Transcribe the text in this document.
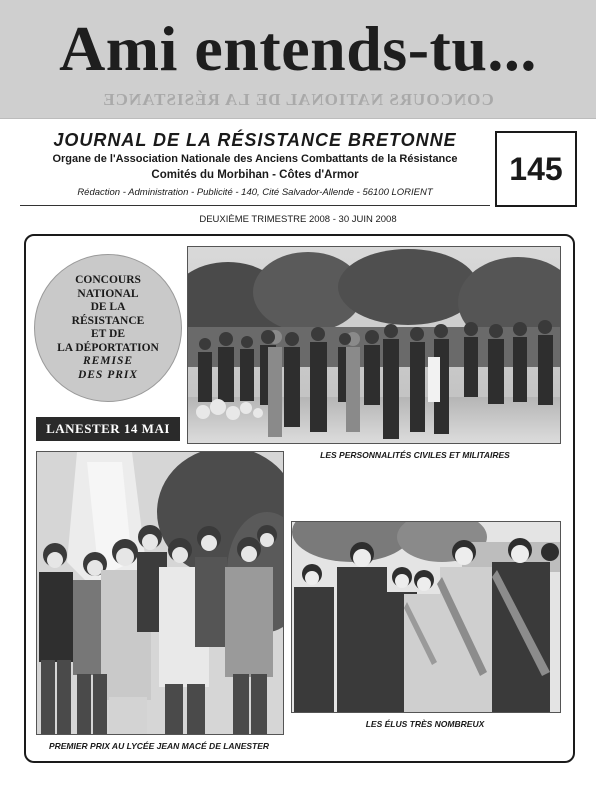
Ami entends-tu...
CONCOURS NATIONAL DE LA RÉSISTANCE
JOURNAL DE LA RÉSISTANCE BRETONNE
Organe de l'Association Nationale des Anciens Combattants de la Résistance
Comités du Morbihan - Côtes d'Armor
Rédaction - Administration - Publicité - 140, Cité Salvador-Allende - 56100 LORIENT
145
DEUXIÈME TRIMESTRE 2008 - 30 JUIN 2008
CONCOURS
NATIONAL
DE LA
RÉSISTANCE
ET DE
LA DÉPORTATION
REMISE
DES PRIX
LANESTER 14 MAI
LES PERSONNALITÉS CIVILES ET MILITAIRES
PREMIER PRIX AU LYCÉE JEAN MACÉ DE LANESTER
LES ÉLUS TRÈS NOMBREUX
